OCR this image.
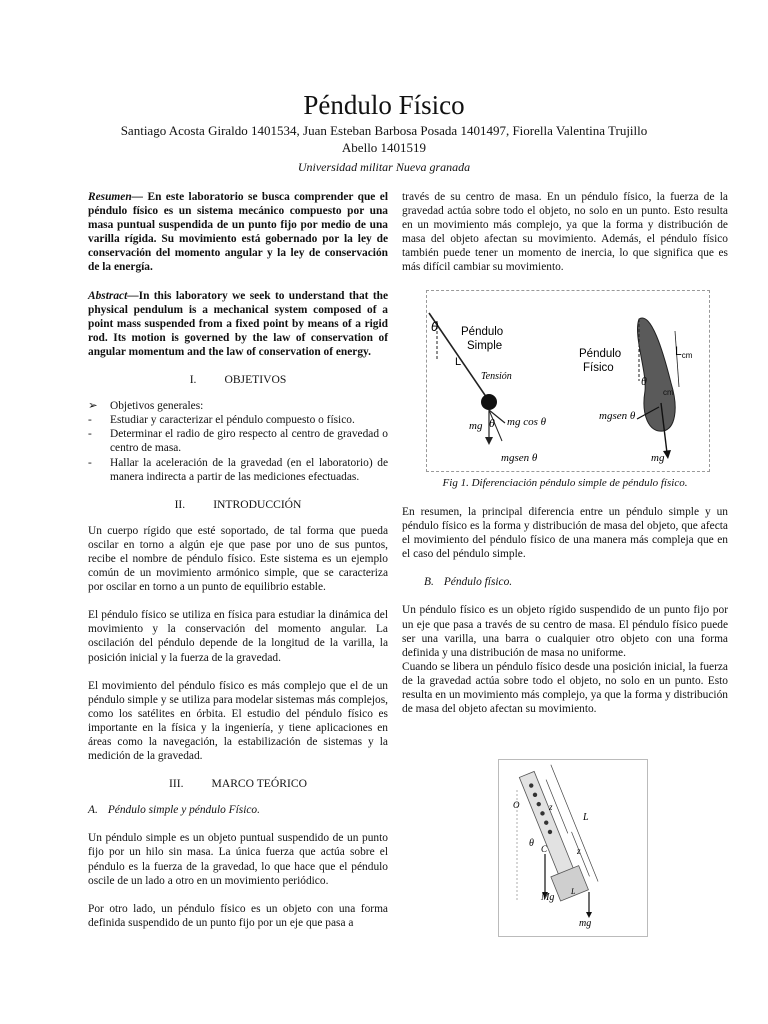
Péndulo Físico
Santiago Acosta Giraldo 1401534, Juan Esteban Barbosa Posada 1401497, Fiorella Valentina Trujillo
Abello 1401519
Universidad militar Nueva granada

Resumen— En este laboratorio se busca comprender que el péndulo físico es un sistema mecánico compuesto por una masa puntual suspendida de un punto fijo por medio de una varilla rígida. Su movimiento está gobernado por la ley de conservación del momento angular y la ley de conservación de la energía.

Abstract—In this laboratory we seek to understand that the physical pendulum is a mechanical system composed of a point mass suspended from a fixed point by means of a rigid rod. Its motion is governed by the law of conservation of angular momentum and the law of conservation of energy.

I. OBJETIVOS
➢ Objetivos generales:
- Estudiar y caracterizar el péndulo compuesto o físico.
- Determinar el radio de giro respecto al centro de gravedad o centro de masa.
- Hallar la aceleración de la gravedad (en el laboratorio) de manera indirecta a partir de las mediciones efectuadas.
II. INTRODUCCIÓN

Un cuerpo rígido que esté soportado, de tal forma que pueda oscilar en torno a algún eje que pase por uno de sus puntos, recibe el nombre de péndulo físico. Este sistema es un ejemplo común de un movimiento armónico simple, que se caracteriza por oscilar en torno a un punto de equilibrio estable.

El péndulo físico se utiliza en física para estudiar la dinámica del movimiento y la conservación del momento angular. La oscilación del péndulo depende de la longitud de la varilla, la posición inicial y la fuerza de la gravedad.

El movimiento del péndulo físico es más complejo que el de un péndulo simple y se utiliza para modelar sistemas más complejos, como los satélites en órbita. El estudio del péndulo físico es importante en la física y la ingeniería, y tiene aplicaciones en áreas como la navegación, la estabilización de sistemas y la medición de la gravedad.

III. MARCO TEÓRICO
A. Péndulo simple y péndulo Físico.

Un péndulo simple es un objeto puntual suspendido de un punto fijo por un hilo sin masa. La única fuerza que actúa sobre el péndulo es la fuerza de la gravedad, lo que hace que el péndulo oscile de un lado a otro en un movimiento periódico.

Por otro lado, un péndulo físico es un objeto con una forma definida suspendido de un punto fijo por un eje que pasa a

través de su centro de masa. En un péndulo físico, la fuerza de la gravedad actúa sobre todo el objeto, no solo en un punto. Esto resulta en un movimiento más complejo, ya que la forma y distribución de masa del objeto afectan su movimiento. Además, el péndulo físico también puede tener un momento de inercia, lo que significa que es más difícil cambiar su movimiento.

θ Péndulo
Simple
L
Tensión
mg θ mg cos θ
mgsen θ
Péndulo
Físico
$L_{cm}$
θ
cm
mgsen θ
mg
Fig 1. Diferenciación péndulo simple de péndulo físico.

En resumen, la principal diferencia entre un péndulo simple y un péndulo físico es la forma y distribución de masa del objeto, que afecta el movimiento del péndulo físico de una manera más compleja que en el caso del péndulo simple.

B. Péndulo físico.

Un péndulo físico es un objeto rígido suspendido de un punto fijo por un eje que pasa a través de su centro de masa. El péndulo físico puede ser una varilla, una barra o cualquier otro objeto con una forma definida y una distribución de masa no uniforme.

Cuando se libera un péndulo físico desde una posición inicial, la fuerza de la gravedad actúa sobre todo el objeto, no solo en un punto. Esto resulta en un movimiento más complejo, ya que la forma y distribución de masa del objeto afectan su movimiento.

O	z
L
z
θ C
Mg
L
mg
